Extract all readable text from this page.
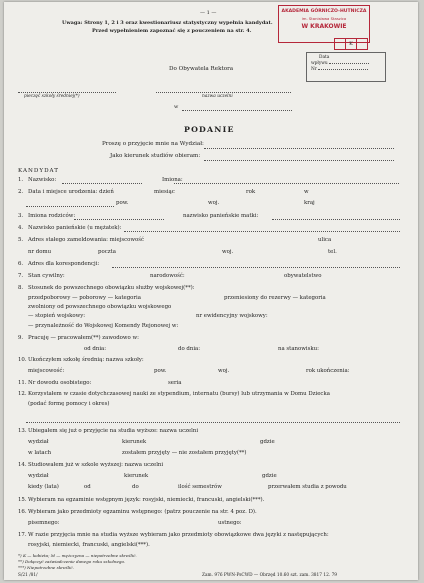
— 1 —
Uwaga: Strony 1, 2 i 3 oraz kwestionariusz statystyczny wypełnia kandydat.
Przed wypełnieniem zapoznać się z pouczeniem na str. 4.
AKADEMIA GÓRNICZO-HUTNICZA
im. Stanisława Staszica
W KRAKOWIE
K
Data
wpływu
Nr
Do Obywatela Rektora
pieczęć szkoły średniej(*)	nazwa uczelni
w
PODANIE
Proszę o przyjęcie mnie na Wydział:
Jako kierunek studiów obieram:
KANDYDAT
1. Nazwisko:	Imiona:
2. Data i miejsce urodzenia: dzień	miesiąc	rok	w
pow.	woj.	kraj
3. Imiona rodziców:	nazwisko panieńskie matki:
4. Nazwisko panieńskie (u mężatek):
5. Adres stałego zameldowania: miejscowość	ulica
nr domu	poczta	woj.	tel.
6. Adres dla korespondencji:
7. Stan cywilny:	narodowość:	obywatelstwo
8. Stosunek do powszechnego obowiązku służby wojskowej(**):
przedpoborowy — poborowy — kategoria	przeniesiony do rezerwy — kategoria
zwolniony od powszechnego obowiązku wojskowego
— stopień wojskowy:	nr ewidencyjny wojskowy:
— przynależność do Wojskowej Komendy Rejonowej w:
9. Pracuję — pracowałem(**) zawodowo w:
od dnia:	do dnia:	na stanowisku:
10.Ukończyłem szkołę średnią: nazwa szkoły:
miejscowość:	pow.	woj.	rok ukończenia:
11.Nr dowodu osobistego:	seria
12.Korzystałem w czasie dotychczasowej nauki ze stypendium, internatu (bursy) lub utrzymania w Domu Dziecka
(podać formę pomocy i okres)
13.Ubiegałem się już o przyjęcie na studia wyższe: nazwa uczelni
wydział	kierunek	gdzie
w latach	zostałem przyjęty — nie zostałem przyjęty(**)
14.Studiowałem już w szkole wyższej: nazwa uczelni
wydział	kierunek	gdzie
kiedy (lata)	od	do	ilość semestrów	przerwałem studia z powodu
15.Wybieram na egzaminie wstępnym język: rosyjski, niemiecki, francuski, angielski(***).
16.Wybieram jako przedmioty egzaminu wstępnego: (patrz pouczenie na str. 4 poz. D).
pisemnego:	ustnego:
17.W razie przyjęcia mnie na studia wyższe wybieram jako przedmioty obowiązkowe dwa języki z następujących:
rosyjski, niemiecki, francuski, angielski(***).
*) K — kobieta; M — mężczyzna — niepotrzebne skreślić.
**) Dołączyć zaświadczenie danego roku szkolnego.
***) Niepotrzebne skreślić.
S/21 /81/	Zam. 976 PWN-PsCWD — Obrzęd 10.60 szt. zam. 3817 12. 79
